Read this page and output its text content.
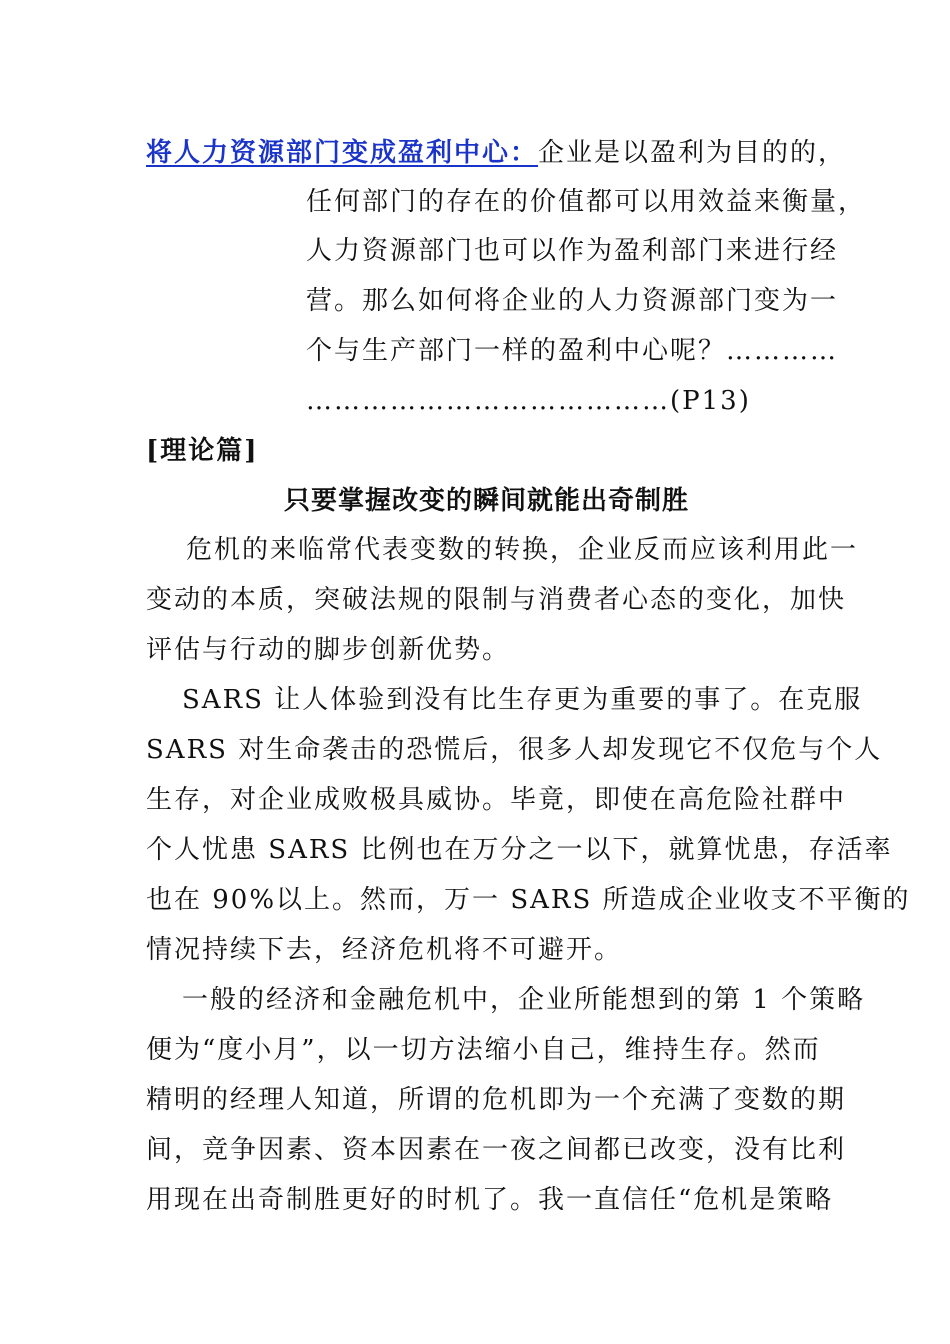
将人力资源部门变成盈利中心：企业是以盈利为目的的，
任何部门的存在的价值都可以用效益来衡量，
人力资源部门也可以作为盈利部门来进行经
营。那么如何将企业的人力资源部门变为一
个与生产部门一样的盈利中心呢？…………
…………………………………(P13)
[理论篇]
只要掌握改变的瞬间就能出奇制胜
危机的来临常代表变数的转换，企业反而应该利用此一
变动的本质，突破法规的限制与消费者心态的变化，加快
评估与行动的脚步创新优势。
SARS 让人体验到没有比生存更为重要的事了。在克服
SARS 对生命袭击的恐慌后，很多人却发现它不仅危与个人
生存，对企业成败极具威协。毕竟，即使在高危险社群中
个人忧患 SARS 比例也在万分之一以下，就算忧患，存活率
也在 90%以上。然而，万一 SARS 所造成企业收支不平衡的
情况持续下去，经济危机将不可避开。
一般的经济和金融危机中，企业所能想到的第 1 个策略
便为“度小月”，以一切方法缩小自己，维持生存。然而
精明的经理人知道，所谓的危机即为一个充满了变数的期
间，竞争因素、资本因素在一夜之间都已改变，没有比利
用现在出奇制胜更好的时机了。我一直信任“危机是策略
